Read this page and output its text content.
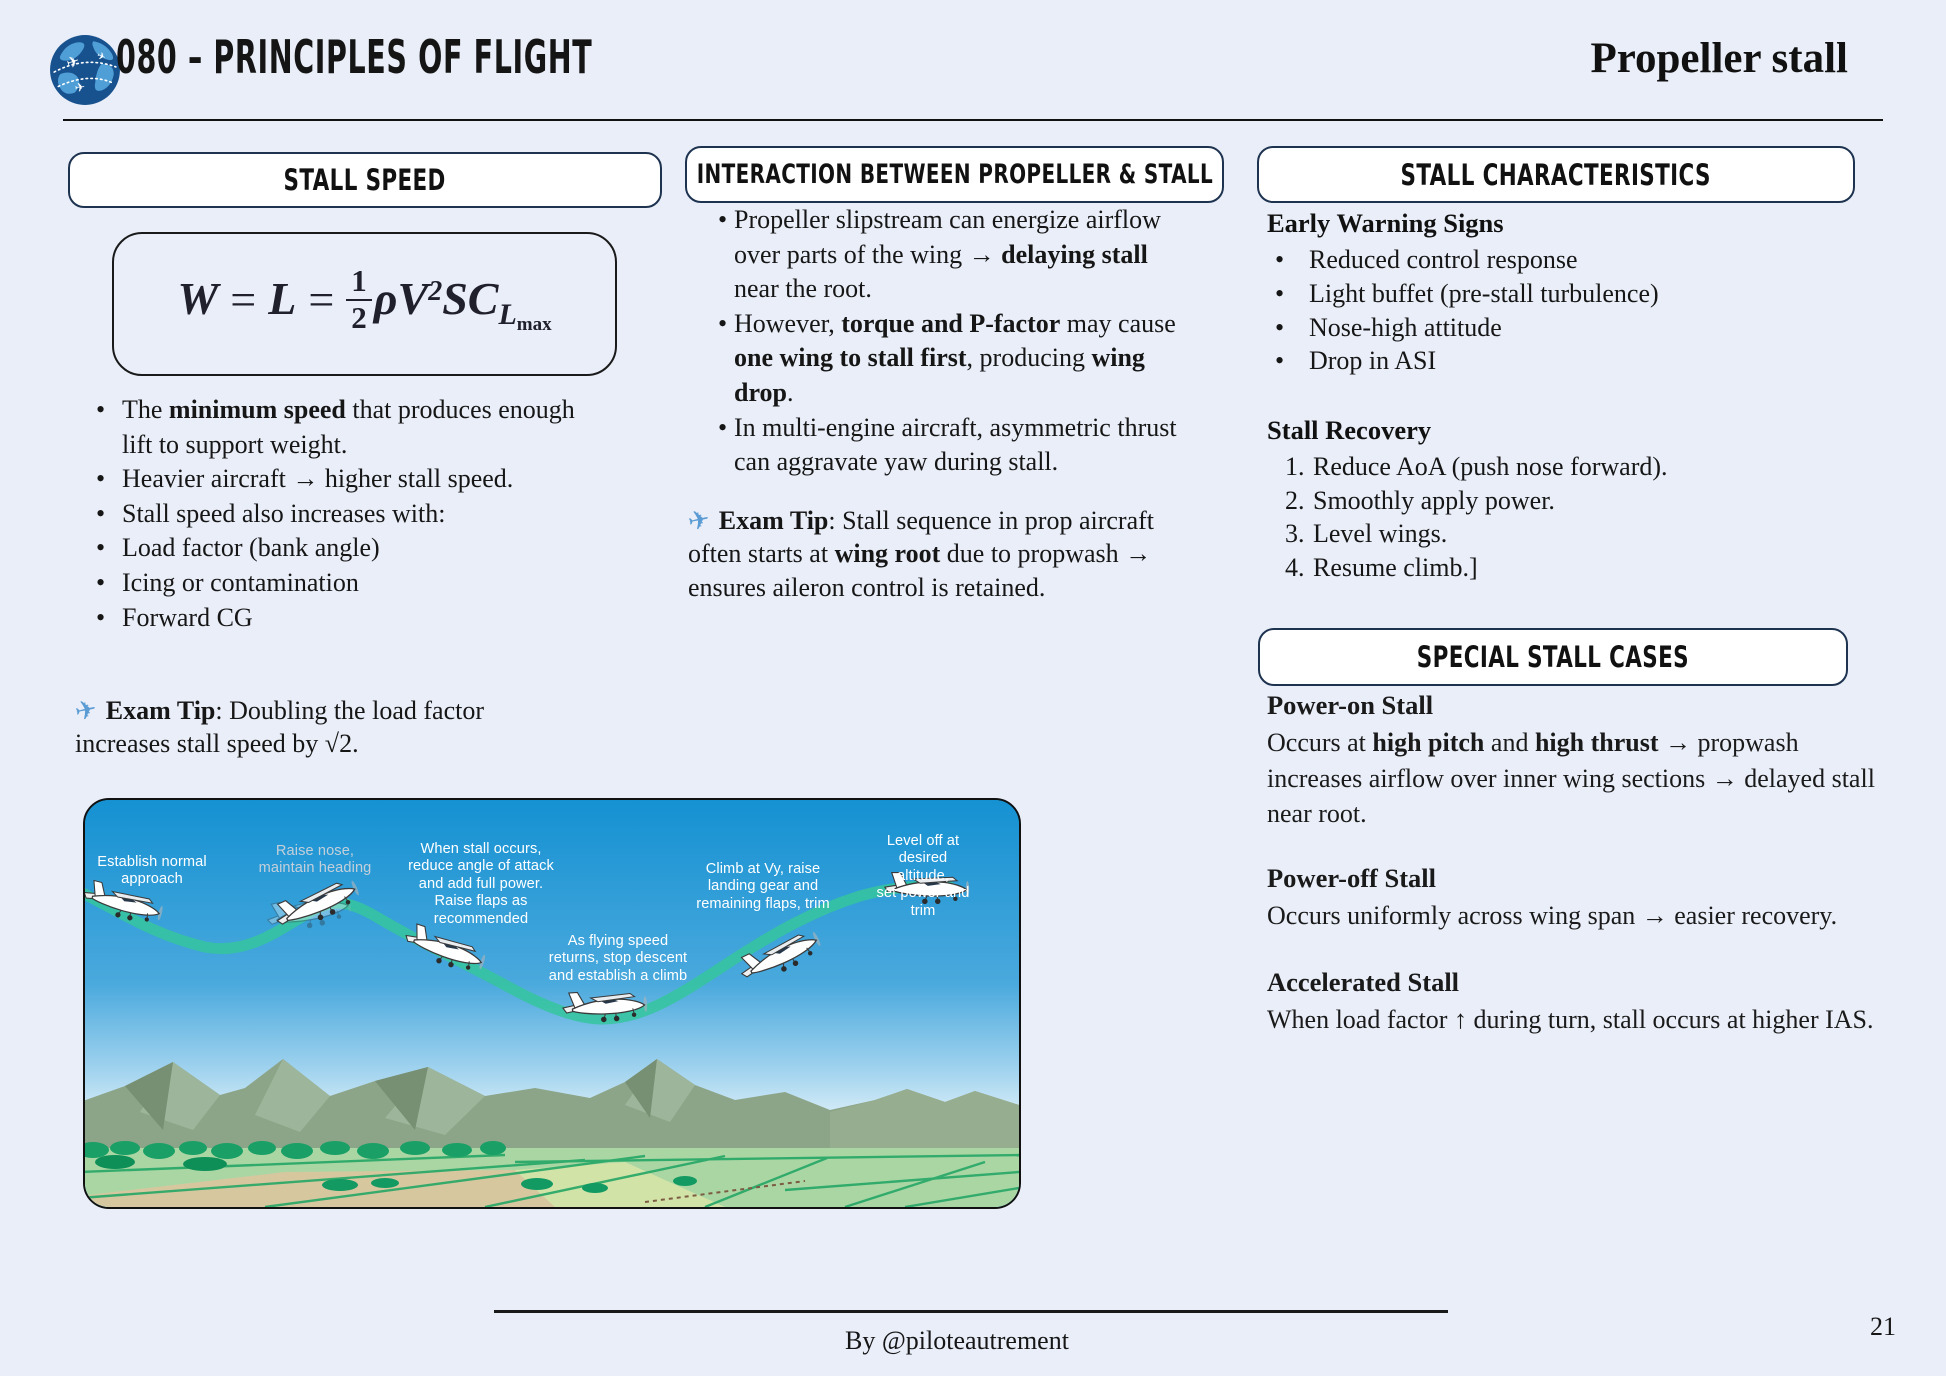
✈ ✈
✈
080 – PRINCIPLES OF FLIGHT	Propeller stall
STALL SPEED
$W = L = \frac{1}{2} \rho V^2SC_{Lmax}$
• The minimum speed that produces enough lift to support weight.
• Heavier aircraft → higher stall speed.
• Stall speed also increases with:
• Load factor (bank angle)
• Icing or contamination
• Forward CG

✈ Exam Tip: Doubling the load factor increases stall speed by √2.

INTERACTION BETWEEN PROPELLER & STALL
• Propeller slipstream can energize airflow over parts of the wing → delaying stall near the root.
• However, torque and P-factor may cause one wing to stall first, producing wing drop.
• In multi-engine aircraft, asymmetric thrust can aggravate yaw during stall.

✈ Exam Tip: Stall sequence in prop aircraft often starts at wing root due to propwash → ensures aileron control is retained.

STALL CHARACTERISTICS
Early Warning Signs
• Reduced control response
• Light buffet (pre-stall turbulence)
• Nose-high attitude
• Drop in ASI
Stall Recovery
Reduce AoA (push nose forward).
Smoothly apply power.
Level wings.
Resume climb.]
SPECIAL STALL CASES
Power-on Stall
Occurs at high pitch and high thrust → propwash increases airflow over inner wing sections → delayed stall near root.
Power-off Stall
Occurs uniformly across wing span → easier recovery.
Accelerated Stall
When load factor ↑ during turn, stall occurs at higher IAS.
Establish normal
approach
Raise nose,
maintain heading
When stall occurs,
reduce angle of attack
and add full power.
Raise flaps as
recommended
As flying speed
returns, stop descent
and establish a climb
Climb at Vy, raise
landing gear and
remaining flaps, trim
Level off at desired altitude,
set power and trim
By @piloteautrement	21
